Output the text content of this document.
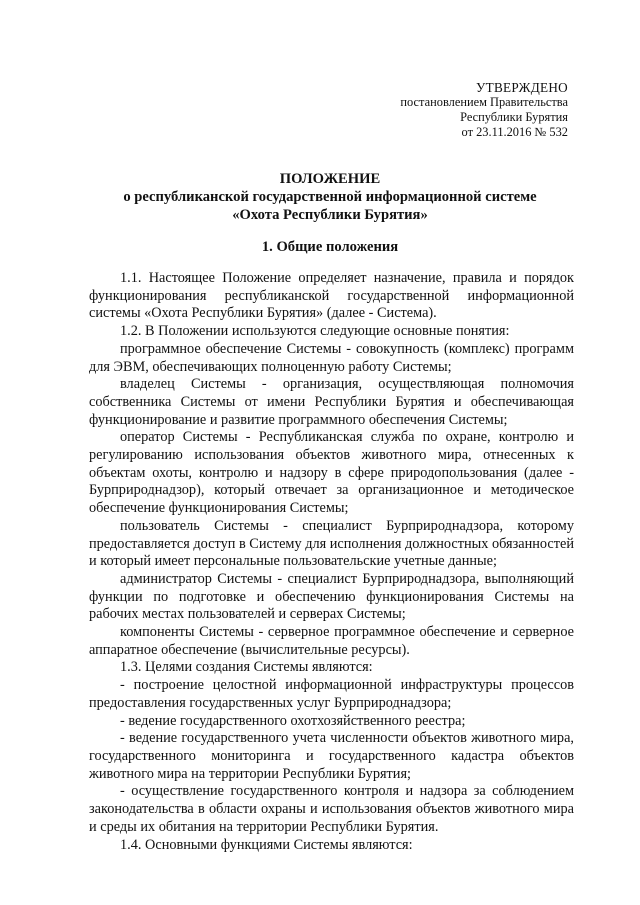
УТВЕРЖДЕНО
постановлением Правительства
Республики Бурятия
от 23.11.2016 № 532
ПОЛОЖЕНИЕ
о республиканской государственной информационной системе
«Охота Республики Бурятия»
1. Общие положения

1.1. Настоящее Положение определяет назначение, правила и порядок функционирования республиканской государственной информационной системы «Охота Республики Бурятия» (далее - Система).

1.2. В Положении используются следующие основные понятия:

программное обеспечение Системы - совокупность (комплекс) программ для ЭВМ, обеспечивающих полноценную работу Системы;

владелец Системы - организация, осуществляющая полномочия собственника Системы от имени Республики Бурятия и обеспечивающая функционирование и развитие программного обеспечения Системы;

оператор Системы - Республиканская служба по охране, контролю и регулированию использования объектов животного мира, отнесенных к объектам охоты, контролю и надзору в сфере природопользования (далее - Бурприроднадзор), который отвечает за организационное и методическое обеспечение функционирования Системы;

пользователь Системы - специалист Бурприроднадзора, которому предоставляется доступ в Систему для исполнения должностных обязанностей и который имеет персональные пользовательские учетные данные;

администратор Системы - специалист Бурприроднадзора, выполняющий функции по подготовке и обеспечению функционирования Системы на рабочих местах пользователей и серверах Системы;

компоненты Системы - серверное программное обеспечение и серверное аппаратное обеспечение (вычислительные ресурсы).

1.3. Целями создания Системы являются:

- построение целостной информационной инфраструктуры процессов предоставления государственных услуг Бурприроднадзора;

- ведение государственного охотхозяйственного реестра;

- ведение государственного учета численности объектов животного мира, государственного мониторинга и государственного кадастра объектов животного мира на территории Республики Бурятия;

- осуществление государственного контроля и надзора за соблюдением законодательства в области охраны и использования объектов животного мира и среды их обитания на территории Республики Бурятия.

1.4. Основными функциями Системы являются:
